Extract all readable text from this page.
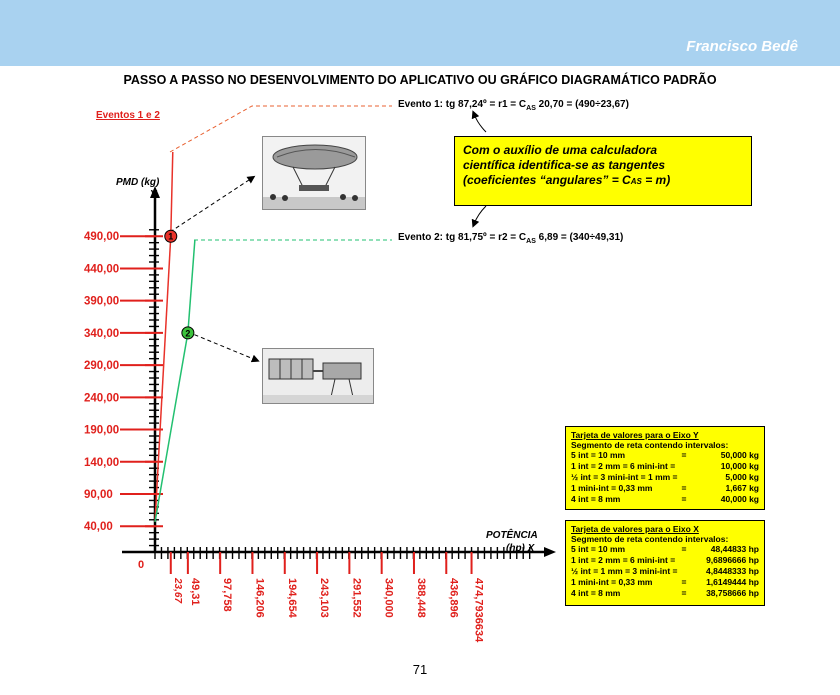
Francisco Bedê
PASSO A PASSO NO DESENVOLVIMENTO DO APLICATIVO OU GRÁFICO DIAGRAMÁTICO PADRÃO
Eventos 1 e 2
Evento 1: tg 87,24º = $r1 = C_{AS}$ 20,70 = (490÷23,67)
Evento 2: tg 81,75º = $r2 = C_{AS}$ 6,89 = (340÷49,31)
Com o auxílio de uma calculadora
científica identifica-se as tangentes
(coeficientes “angulares” = CAS = m)
40,00
90,00
140,00
190,00
240,00
290,00
340,00
390,00
440,00
490,00
23,67 49,31 97,758 146,206 194,654 243,103 291,552 340,000 388,448 436,896 474,7936634
1
2
PMD (kg)
Y
POTÊNCIA
(hp) X
0
Tarjeta de valores para o Eixo Y
Segmento de reta contendo intervalos:
5 int = 10 mm	=	50,000 kg
1 int = 2 mm = 6 mini-int =	10,000 kg
½ int = 3 mini-int = 1 mm =	5,000 kg
1 mini-int = 0,33 mm	=	1,667 kg
4 int = 8 mm	=	40,000 kg
Tarjeta de valores para o Eixo X
Segmento de reta contendo intervalos:
5 int = 10 mm	=	48,44833 hp
1 int = 2 mm = 6 mini-int =	9,6896666 hp
½ int = 1 mm = 3 mini-int =	4,8448333 hp
1 mini-int = 0,33 mm	=	1,6149444 hp
4 int = 8 mm	=	38,758666 hp
71
